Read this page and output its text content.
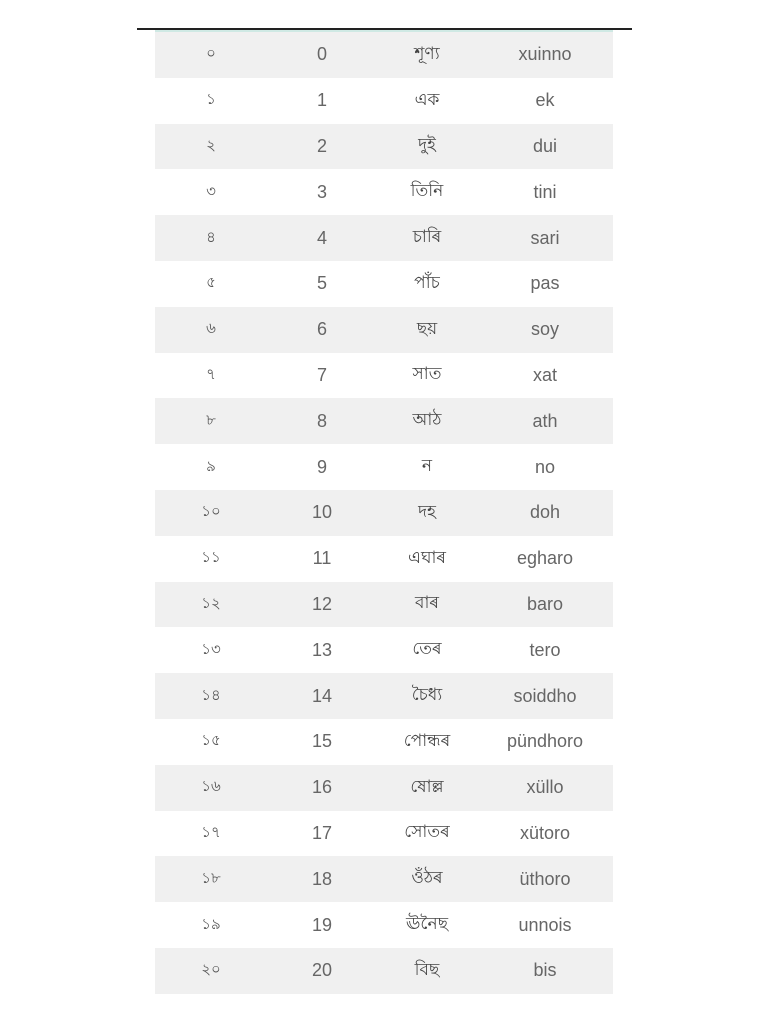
০	0	শূণ্য	xuinno
১	1	এক	ek
২	2	দুই	dui
৩	3	তিনি	tini
৪	4	চাৰি	sari
৫	5	পাঁচ	pas
৬	6	ছয়	soy
৭	7	সাত	xat
৮	8	আঠ	ath
৯	9	ন	no
১০	10	দহ	doh
১১	11	এঘাৰ	egharo
১২	12	বাৰ	baro
১৩	13	তেৰ	tero
১৪	14	চৈধ্য	soiddho
১৫	15	পোন্ধৰ	pündhoro
১৬	16	ষোল্ল	xüllo
১৭	17	সোতৰ	xütoro
১৮	18	ওঁঠৰ	üthoro
১৯	19	ঊনৈছ	unnois
২০	20	বিছ	bis
